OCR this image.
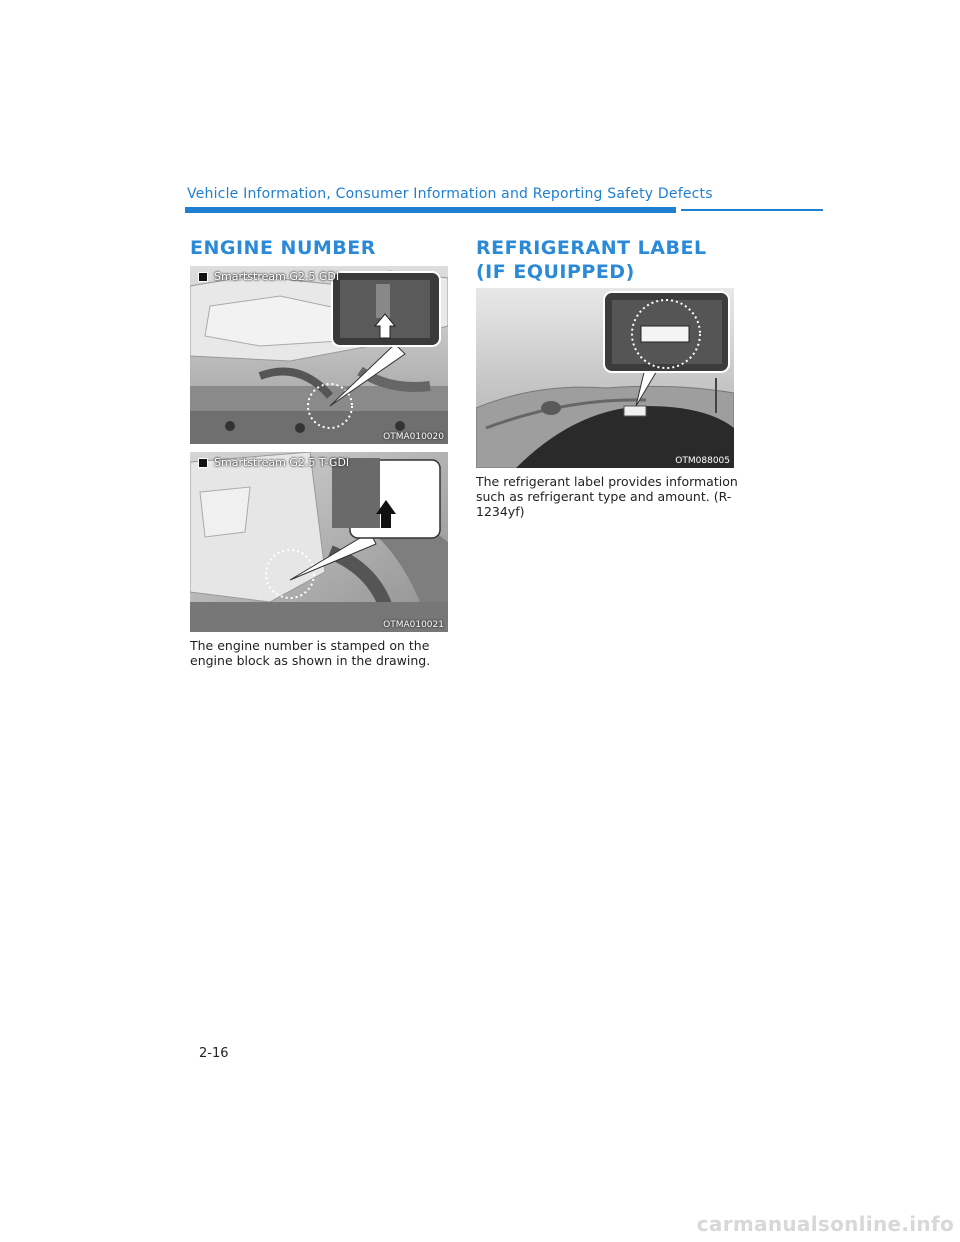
Vehicle Information, Consumer Information and Reporting Safety Defects
ENGINE NUMBER
Smartstream G2.5 GDI
OTMA010020
Smartstream G2.5 T-GDI
OTMA010021

The engine number is stamped on the engine block as shown in the drawing.

REFRIGERANT LABEL
(IF EQUIPPED)
OTM088005

The refrigerant label provides information such as refrigerant type and amount. (R-1234yf)

2-16
carmanualsonline.info
